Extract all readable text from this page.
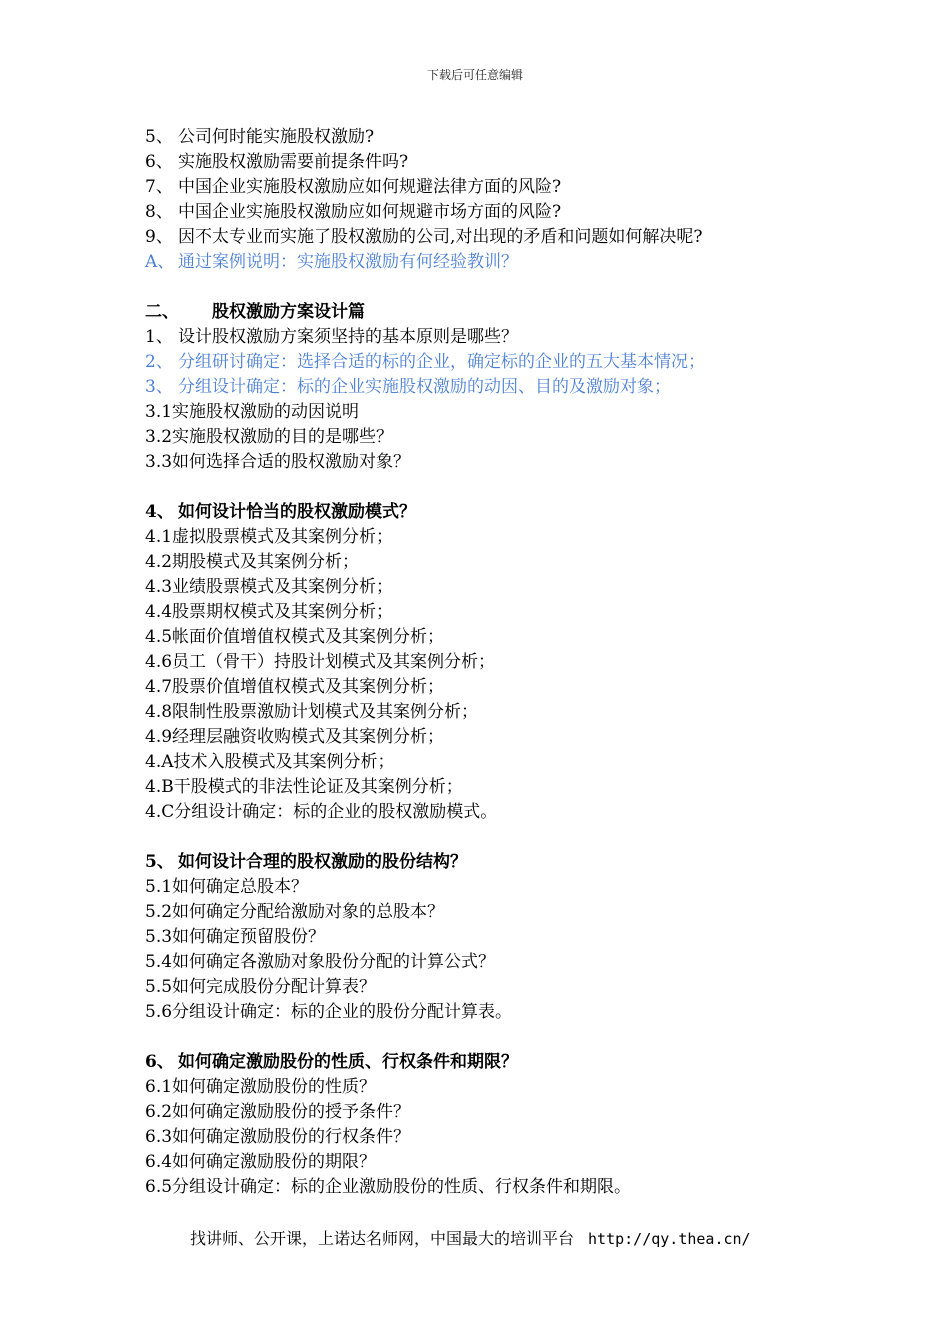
下载后可任意编辑
5、 公司何时能实施股权激励?
6、 实施股权激励需要前提条件吗?
7、 中国企业实施股权激励应如何规避法律方面的风险?
8、 中国企业实施股权激励应如何规避市场方面的风险?
9、 因不太专业而实施了股权激励的公司,对出现的矛盾和问题如何解决呢?
A、 通过案例说明：实施股权激励有何经验教训？
二、 股权激励方案设计篇
1、 设计股权激励方案须坚持的基本原则是哪些？
2、 分组研讨确定：选择合适的标的企业，确定标的企业的五大基本情况；
3、 分组设计确定：标的企业实施股权激励的动因、目的及激励对象；
3.1实施股权激励的动因说明
3.2实施股权激励的目的是哪些？
3.3如何选择合适的股权激励对象？
4、 如何设计恰当的股权激励模式？
4.1虚拟股票模式及其案例分析；
4.2期股模式及其案例分析；
4.3业绩股票模式及其案例分析；
4.4股票期权模式及其案例分析；
4.5帐面价值增值权模式及其案例分析；
4.6员工（骨干）持股计划模式及其案例分析；
4.7股票价值增值权模式及其案例分析；
4.8限制性股票激励计划模式及其案例分析；
4.9经理层融资收购模式及其案例分析；
4.A技术入股模式及其案例分析；
4.B干股模式的非法性论证及其案例分析；
4.C分组设计确定：标的企业的股权激励模式。
5、 如何设计合理的股权激励的股份结构？
5.1如何确定总股本？
5.2如何确定分配给激励对象的总股本？
5.3如何确定预留股份？
5.4如何确定各激励对象股份分配的计算公式？
5.5如何完成股份分配计算表？
5.6分组设计确定：标的企业的股份分配计算表。
6、 如何确定激励股份的性质、行权条件和期限？
6.1如何确定激励股份的性质？
6.2如何确定激励股份的授予条件？
6.3如何确定激励股份的行权条件？
6.4如何确定激励股份的期限？
6.5分组设计确定：标的企业激励股份的性质、行权条件和期限。
找讲师、公开课，上诺达名师网，中国最大的培训平台 http://qy.thea.cn/
